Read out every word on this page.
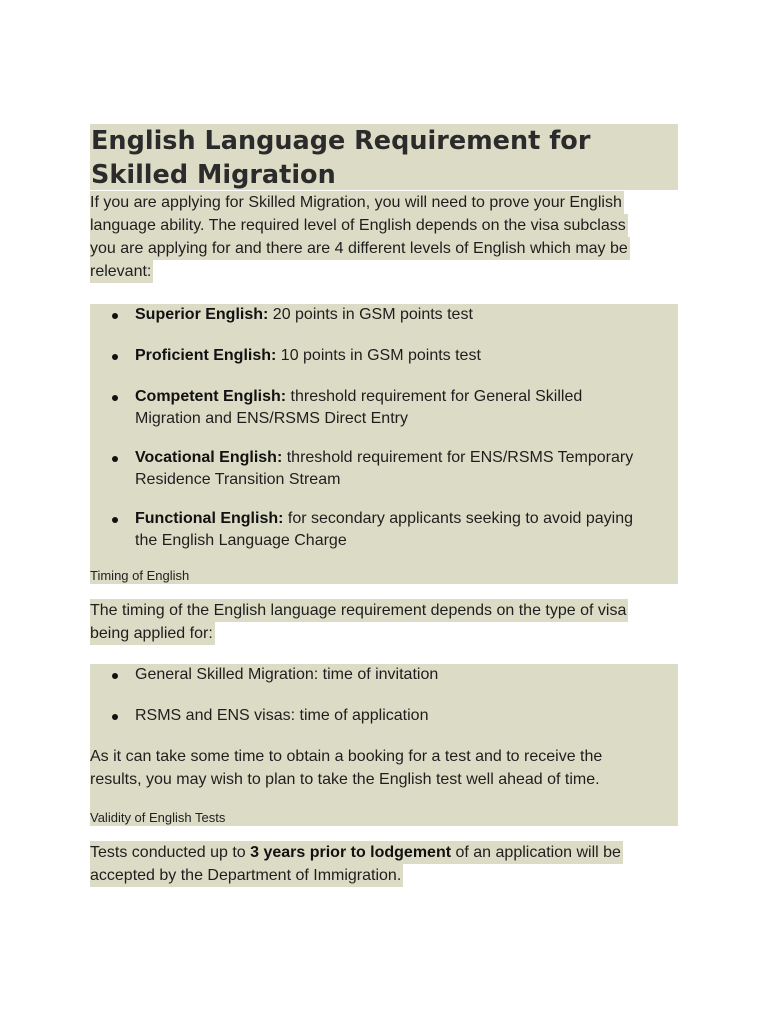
English Language Requirement for
Skilled Migration
If you are applying for Skilled Migration, you will need to prove your English
language ability. The required level of English depends on the visa subclass
you are applying for and there are 4 different levels of English which may be
relevant:
Superior English: 20 points in GSM points test
Proficient English: 10 points in GSM points test
Competent English: threshold requirement for General Skilled
Migration and ENS/RSMS Direct Entry
Vocational English: threshold requirement for ENS/RSMS Temporary
Residence Transition Stream
Functional English: for secondary applicants seeking to avoid paying
the English Language Charge
Timing of English
The timing of the English language requirement depends on the type of visa
being applied for:
General Skilled Migration: time of invitation
RSMS and ENS visas: time of application
As it can take some time to obtain a booking for a test and to receive the
results, you may wish to plan to take the English test well ahead of time.
Validity of English Tests
Tests conducted up to 3 years prior to lodgement of an application will be
accepted by the Department of Immigration.
